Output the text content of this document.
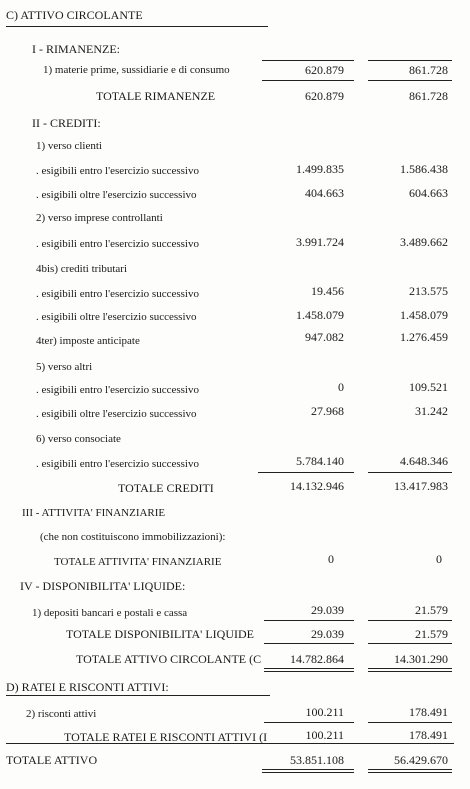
C) ATTIVO CIRCOLANTE
I - RIMANENZE:
1) materie prime, sussidiarie e di consumo	620.879	861.728
TOTALE RIMANENZE	620.879	861.728
II - CREDITI:
1) verso clienti
. esigibili entro l'esercizio successivo	1.499.835	1.586.438
. esigibili oltre l'esercizio successivo	404.663	604.663
2) verso imprese controllanti
. esigibili entro l'esercizio successivo	3.991.724	3.489.662
4bis) crediti tributari
. esigibili entro l'esercizio successivo	19.456	213.575
. esigibili oltre l'esercizio successivo	1.458.079	1.458.079
4ter) imposte anticipate	947.082	1.276.459
5) verso altri
. esigibili entro l'esercizio successivo	0	109.521
. esigibili oltre l'esercizio successivo	27.968	31.242
6) verso consociate
. esigibili entro l'esercizio successivo	5.784.140	4.648.346
TOTALE CREDITI	14.132.946	13.417.983
III - ATTIVITA' FINANZIARIE
(che non costituiscono immobilizzazioni):
TOTALE ATTIVITA' FINANZIARIE	0	0
IV - DISPONIBILITA' LIQUIDE:
1) depositi bancari e postali e cassa	29.039	21.579
TOTALE DISPONIBILITA' LIQUIDE	29.039	21.579
TOTALE ATTIVO CIRCOLANTE (C	14.782.864	14.301.290
D) RATEI E RISCONTI ATTIVI:
2) risconti attivi	100.211	178.491
TOTALE RATEI E RISCONTI ATTIVI (I	100.211	178.491
TOTALE ATTIVO	53.851.108	56.429.670
